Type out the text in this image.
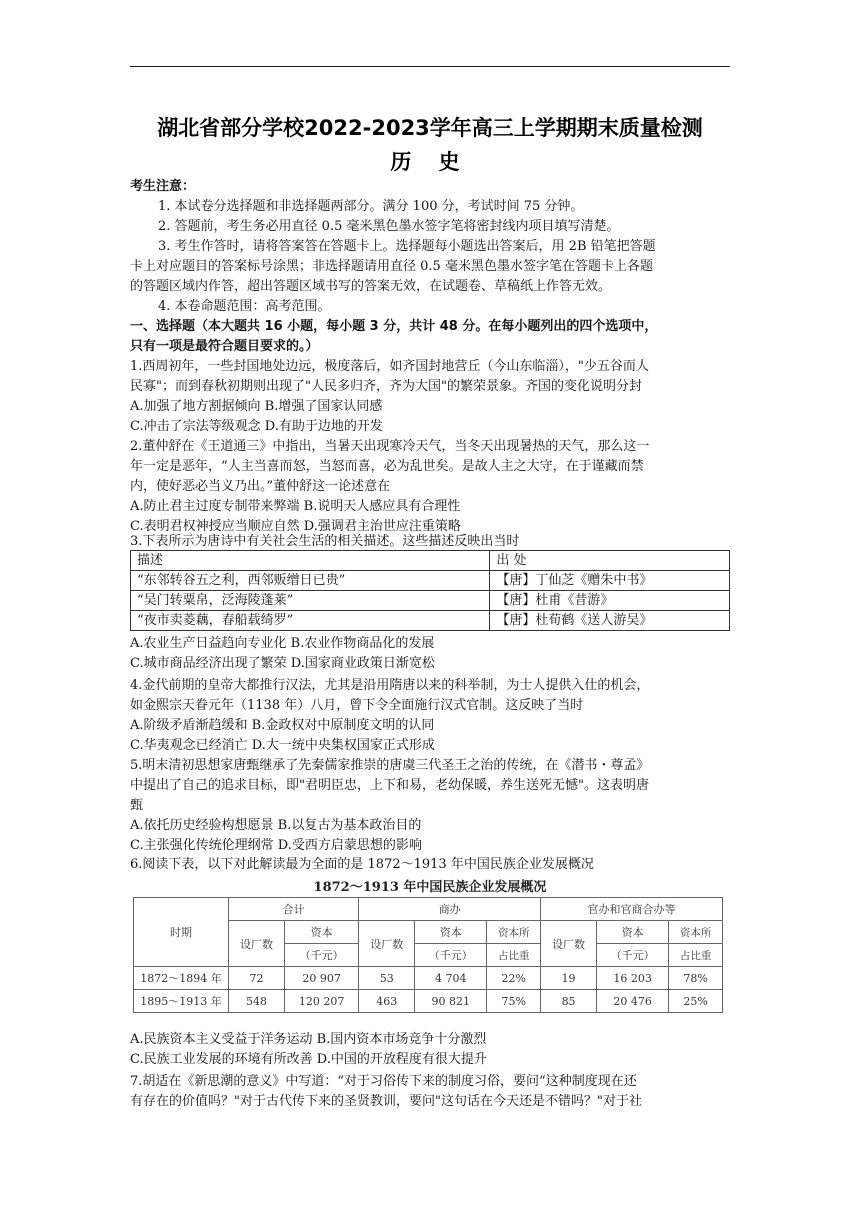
湖北省部分学校2022-2023学年高三上学期期末质量检测
历 史
考生注意：
1. 本试卷分选择题和非选择题两部分。满分 100 分，考试时间 75 分钟。
2. 答题前，考生务必用直径 0.5 毫米黑色墨水签字笔将密封线内项目填写清楚。
3. 考生作答时，请将答案答在答题卡上。选择题每小题选出答案后，用 2B 铅笔把答题
卡上对应题目的答案标号涂黑；非选择题请用直径 0.5 毫米黑色墨水签字笔在答题卡上各题
的答题区域内作答，超出答题区域书写的答案无效，在试题卷、草稿纸上作答无效。
4. 本卷命题范围：高考范围。
一、选择题（本大题共 16 小题，每小题 3 分，共计 48 分。在每小题列出的四个选项中，
只有一项是最符合题目要求的。）
1.西周初年，一些封国地处边远，极度落后，如齐国封地营丘（今山东临淄），"少五谷而人
民寡"；而到春秋初期则出现了"人民多归齐，齐为大国"的繁荣景象。齐国的变化说明分封
A.加强了地方割据倾向 B.增强了国家认同感
C.冲击了宗法等级观念 D.有助于边地的开发
2.董仲舒在《王道通三》中指出，当暑天出现寒冷天气，当冬天出现暑热的天气，那么这一
年一定是恶年，“人主当喜而怒，当怒而喜，必为乱世矣。是故人主之大守，在于谨藏而禁
内，使好恶必当义乃出。”董仲舒这一论述意在
A.防止君主过度专制带来弊端 B.说明天人感应具有合理性
C.表明君权神授应当顺应自然 D.强调君主治世应注重策略
3.下表所示为唐诗中有关社会生活的相关描述。这些描述反映出当时
描述	出 处
“东邻转谷五之利，西邻贩缯日已贵”	【唐】丁仙芝《赠朱中书》
“吴门转粟帛，泛海陵蓬莱”	【唐】杜甫《昔游》
“夜市卖菱藕，春船载绮罗”	【唐】杜荀鹤《送人游吴》
A.农业生产日益趋向专业化 B.农业作物商品化的发展
C.城市商品经济出现了繁荣 D.国家商业政策日渐宽松
4.金代前期的皇帝大都推行汉法，尤其是沿用隋唐以来的科举制，为士人提供入仕的机会，
如金熙宗天眷元年（1138 年）八月，曾下令全面施行汉式官制。这反映了当时
A.阶级矛盾渐趋缓和 B.金政权对中原制度文明的认同
C.华夷观念已经消亡 D.大一统中央集权国家正式形成
5.明末清初思想家唐甄继承了先秦儒家推崇的唐虞三代圣王之治的传统，在《潜书・尊孟》
中提出了自己的追求目标，即"君明臣忠，上下和易，老幼保暖，养生送死无憾"。这表明唐
甄
A.依托历史经验构想愿景 B.以复古为基本政治目的
C.主张强化传统伦理纲常 D.受西方启蒙思想的影响
6.阅读下表，以下对此解读最为全面的是 1872～1913 年中国民族企业发展概况
1872～1913 年中国民族企业发展概况
时期	合计		商办			官办和官商合办等		
	设厂数	资本	设厂数	资本	资本所	设厂数	资本	资本所
		（千元）		（千元）	占比重		（千元）	占比重
1872～1894 年	72	20 907	53	4 704	22%	19	16 203	78%
1895～1913 年	548	120 207	463	90 821	75%	85	20 476	25%
A.民族资本主义受益于洋务运动 B.国内资本市场竞争十分激烈
C.民族工业发展的环境有所改善 D.中国的开放程度有很大提升
7.胡适在《新思潮的意义》中写道：“对于习俗传下来的制度习俗，要问“这种制度现在还
有存在的价值吗？"对于古代传下来的圣贤教训，要问"这句话在今天还是不错吗？"对于社
